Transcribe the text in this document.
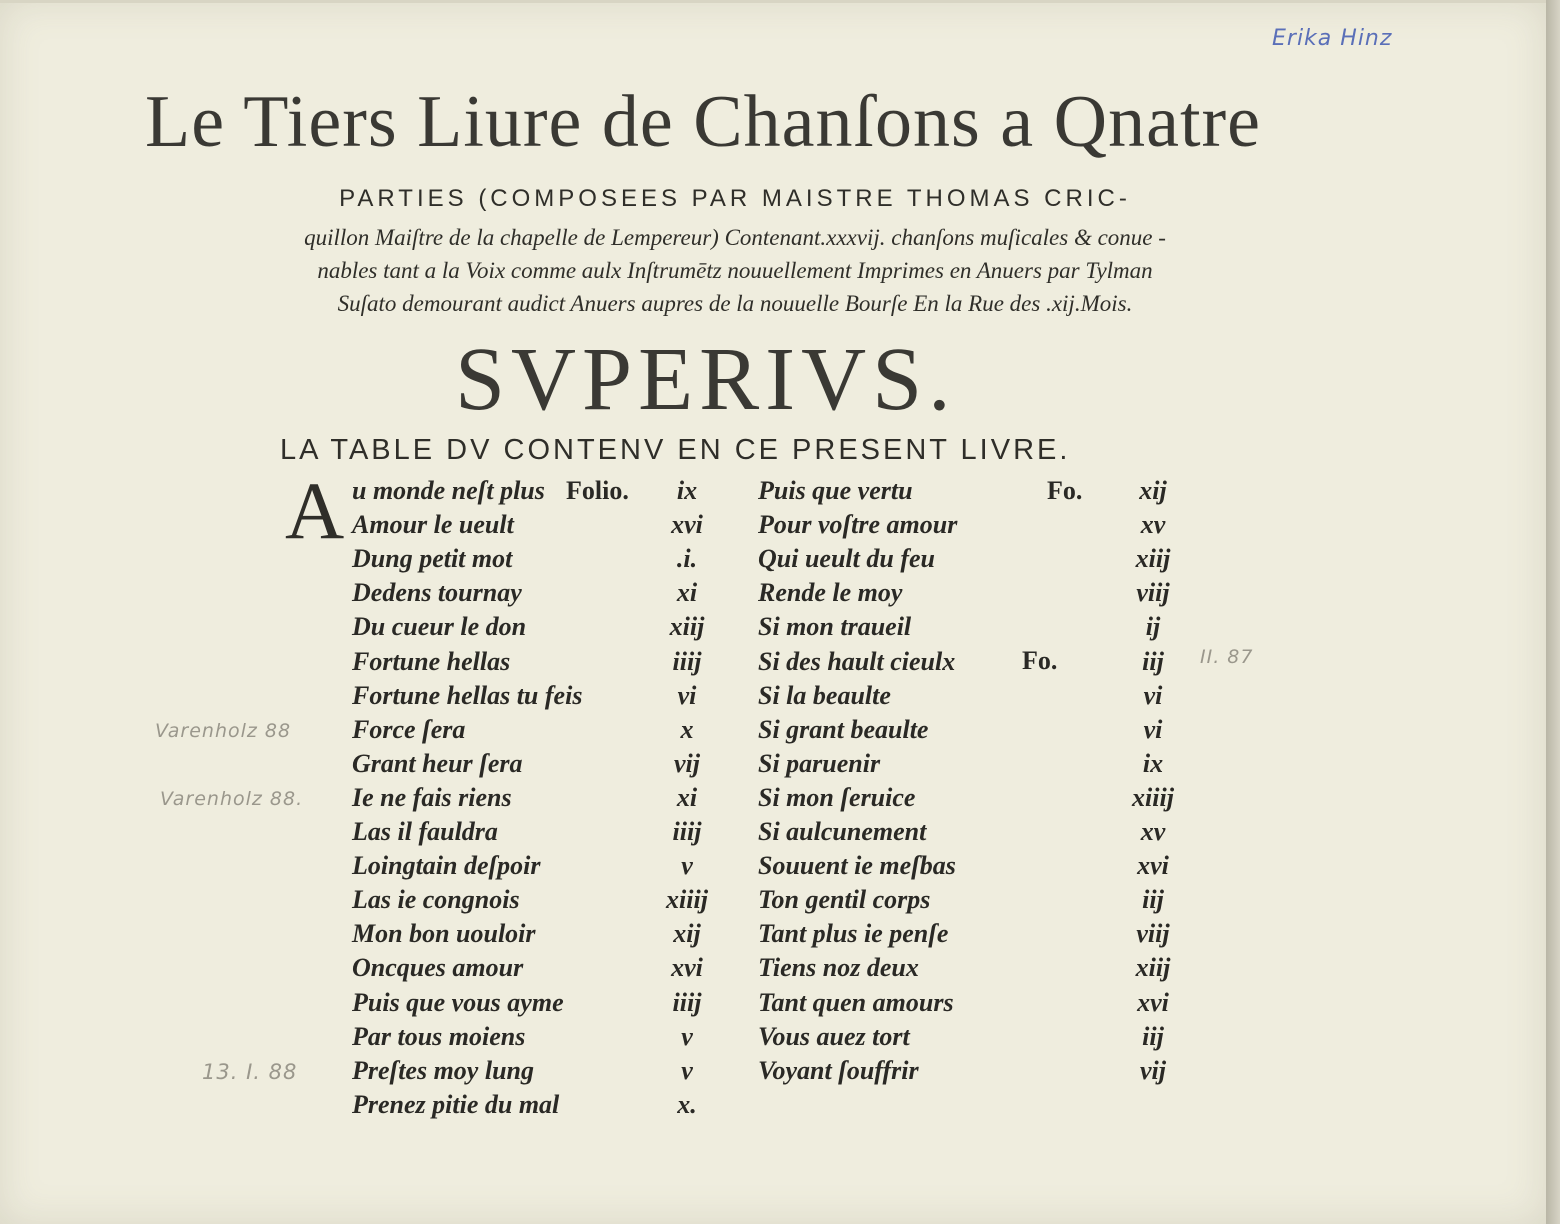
Erika Hinz
Le Tiers Liure de Chanſons a Qnatre
PARTIES (COMPOSEES PAR MAISTRE THOMAS CRIC-
quillon Maiſtre de la chapelle de Lempereur) Contenant.xxxvij. chanſons muſicales & conue -
nables tant a la Voix comme aulx Inſtrumētz nouuellement Imprimes en Anuers par Tylman
Suſato demourant audict Anuers aupres de la nouuelle Bourſe En la Rue des .xij.Mois.
SVPERIVS.
LA TABLE DV CONTENV EN CE PRESENT LIVRE.
A u monde neſt plus	ix
Amour le ueult	xvi
Dung petit mot	.i.
Dedens tournay	xi
Du cueur le don	xiij
Fortune hellas	iiij
Fortune hellas tu feis	vi
Force ſera	x
Grant heur ſera	vij
Ie ne fais riens	xi
Las il fauldra	iiij
Loingtain deſpoir	v
Las ie congnois	xiiij
Mon bon uouloir	xij
Oncques amour	xvi
Puis que vous ayme	iiij
Par tous moiens	v
Preſtes moy lung	v
Prenez pitie du mal	x.
Puis que vertu	xij
Pour voſtre amour	xv
Qui ueult du feu	xiij
Rende le moy	viij
Si mon traueil	ij
Si des hault cieulx	iij
Si la beaulte	vi
Si grant beaulte	vi
Si paruenir	ix
Si mon ſeruice	xiiij
Si aulcunement	xv
Souuent ie meſbas	xvi
Ton gentil corps	iij
Tant plus ie penſe	viij
Tiens noz deux	xiij
Tant quen amours	xvi
Vous auez tort	iij
Voyant ſouffrir	vij
Folio.	Fo.
Fo.
Varenholz 88
Varenholz 88.
II. 87
13. I. 88
